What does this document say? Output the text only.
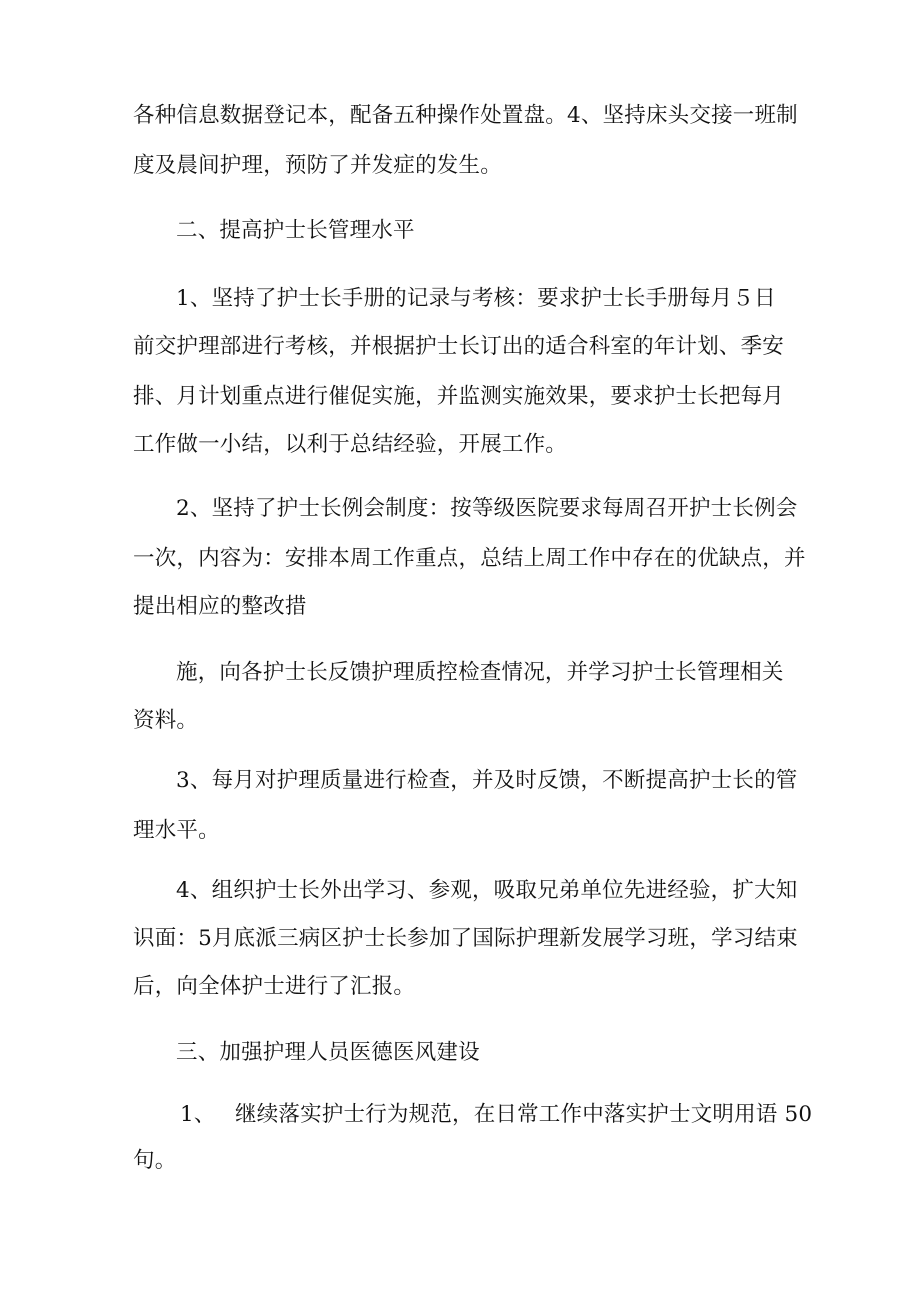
各种信息数据登记本，配备五种操作处置盘。4、坚持床头交接一班制
度及晨间护理，预防了并发症的发生。
二、提高护士长管理水平
1、坚持了护士长手册的记录与考核：要求护士长手册每月５日
前交护理部进行考核，并根据护士长订出的适合科室的年计划、季安
排、月计划重点进行催促实施，并监测实施效果，要求护士长把每月
工作做一小结，以利于总结经验，开展工作。
2、坚持了护士长例会制度：按等级医院要求每周召开护士长例会
一次，内容为：安排本周工作重点，总结上周工作中存在的优缺点，并
提出相应的整改措
施，向各护士长反馈护理质控检查情况，并学习护士长管理相关
资料。
3、每月对护理质量进行检查，并及时反馈，不断提高护士长的管
理水平。
4、组织护士长外出学习、参观，吸取兄弟单位先进经验，扩大知
识面：5月底派三病区护士长参加了国际护理新发展学习班，学习结束
后，向全体护士进行了汇报。
三、加强护理人员医德医风建设
1、 继续落实护士行为规范，在日常工作中落实护士文明用语 50
句。
